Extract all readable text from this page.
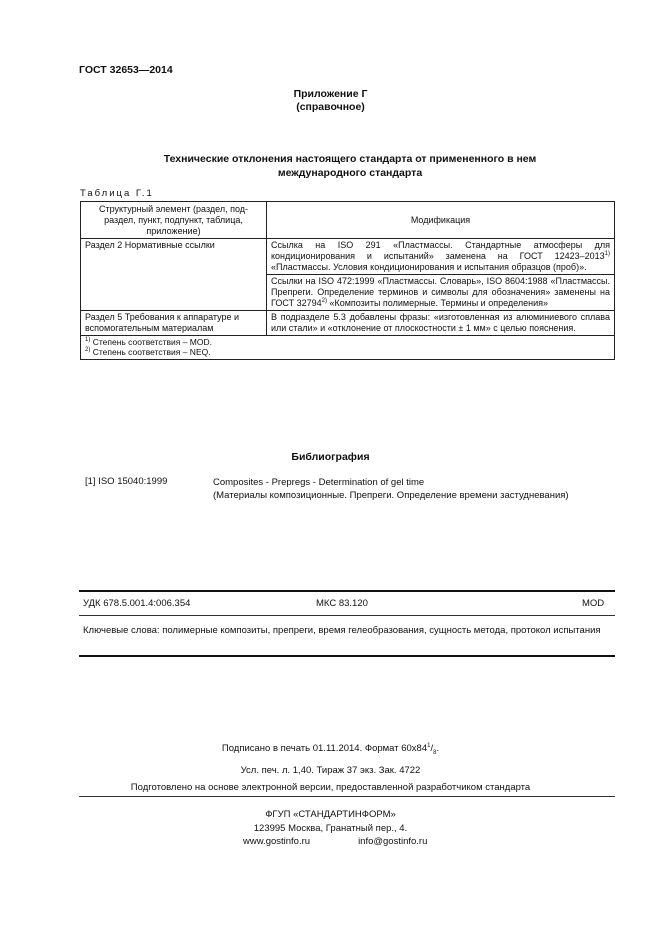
ГОСТ 32653—2014
Приложение Г
(справочное)
Технические отклонения настоящего стандарта от примененного в нем
международного стандарта
Таблица Г.1
Структурный элемент (раздел, под-
раздел, пункт, подпункт, таблица,
приложение)	Модификация
Раздел 2 Нормативные ссылки	Ссылка на ISO 291 «Пластмассы. Стандартные атмосферы для кондиционирования и испытаний» заменена на ГОСТ 12423–2013$^{1)}$ «Пластмассы. Условия кондиционирования и испытания образцов (проб)».
	Ссылки на ISO 472:1999 «Пластмассы. Словарь», ISO 8604:1988 «Пластмассы. Препреги. Определение терминов и символы для обозначения» заменены на ГОСТ 32794$^{2)}$ «Композиты полимерные. Термины и определения»

Раздел 5 Требования к аппаратуре и
вспомогательным материалам	В подразделе 5.3 добавлены фразы: «изготовленная из алюминиевого сплава или стали» и «отклонение от плоскостности ± 1 мм» с целью пояснения.

$^{1)}$ Степень соответствия – MOD.
$^{2)}$ Степень соответствия – NEQ.	
Библиография
[1] ISO 15040:1999	Composites - Prepregs - Determination of gel time
(Материалы композиционные. Препреги. Определение времени застудневания)
УДК 678.5.001.4:006.354	МКС 83.120	MOD
Ключевые слова: полимерные композиты, препреги, время гелеобразования, сущность метода, протокол испытания
Подписано в печать 01.11.2014. Формат $60x84^1/_8$.
Усл. печ. л. 1,40. Тираж 37 экз. Зак. 4722
Подготовлено на основе электронной версии, предоставленной разработчиком стандарта
ФГУП «СТАНДАРТИНФОРМ»
123995 Москва, Гранатный пер., 4.
www.gostinfo.ru	info@gostinfo.ru
